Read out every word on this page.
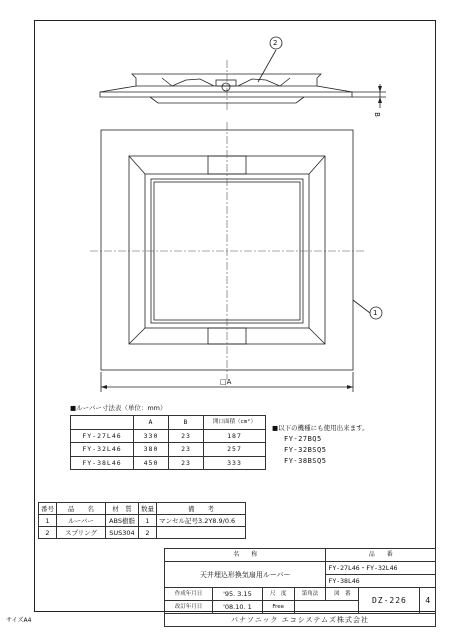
2
1
□A
B
■ルーバー寸法表（単位：mm）
	A	B	開口面積（cm²）
FY-27L46	330	23	187
FY-32L46	380	23	257
FY-38L46	450	23	333
■以下の機種にも使用出来ます。
FY-27BQ5
FY-32BSQ5
FY-38BSQ5
番号	品　　名	材　質	数量	備　　考
1	ルーバー	ABS樹脂	1	マンセル記号3.2Y8.9/0.6
2	スプリング	SUS304	2	
名　　称				品　　番		
天井埋込形換気扇用ルーバー				FY-27L46・FY-32L46		
				FY-38L46		
作成年月日	'95. 3.15	尺　度	第角法	図　番	DZ-226	4
改訂年月日	'08.10. 1	Free				
パナソニック エコシステムズ株式会社						
サイズA4
